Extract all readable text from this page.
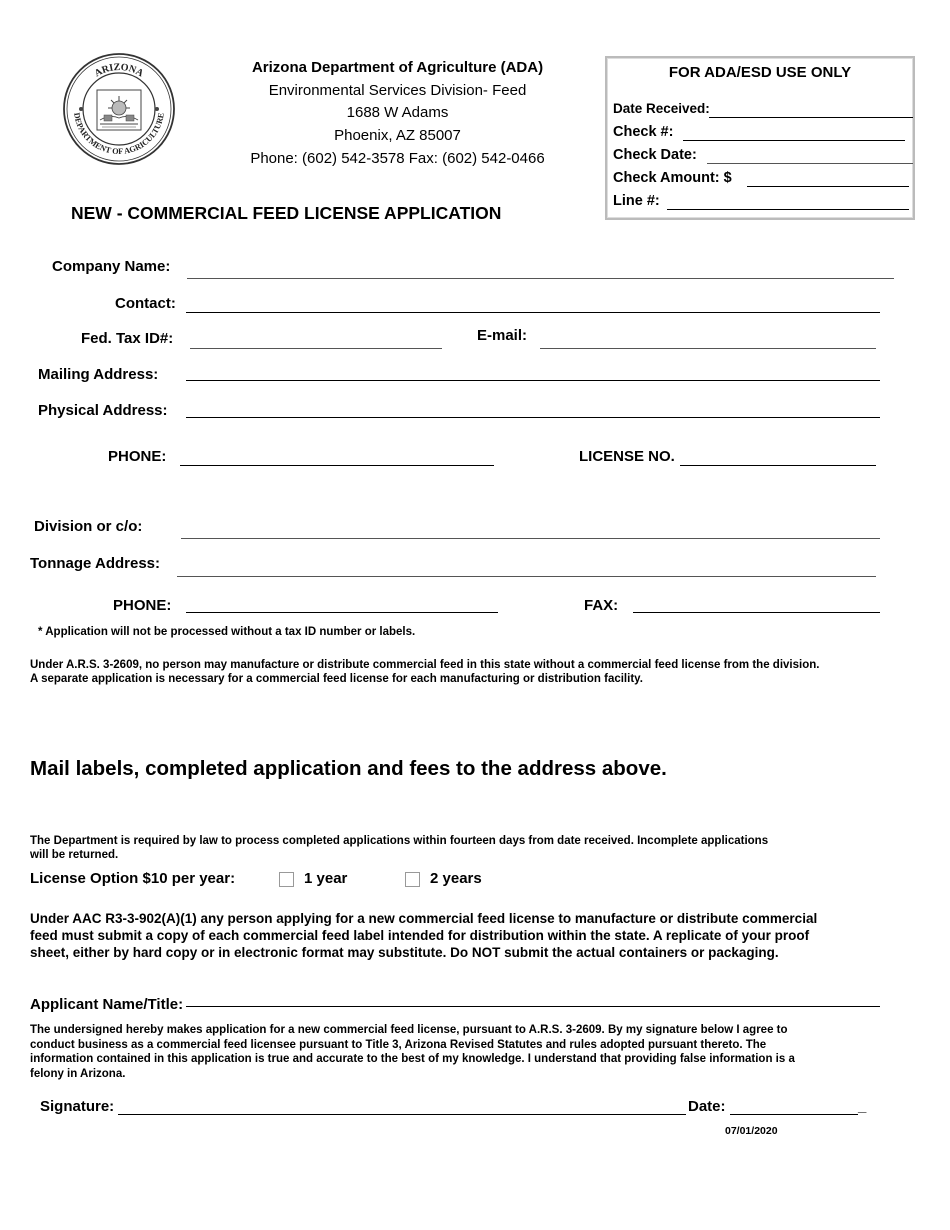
ARIZONA
DEPARTMENT OF AGRICULTURE
Arizona Department of Agriculture (ADA)
Environmental Services Division- Feed
1688 W Adams
Phoenix, AZ 85007
Phone: (602) 542-3578 Fax: (602) 542-0466
NEW - COMMERCIAL FEED LICENSE APPLICATION
FOR ADA/ESD USE ONLY
Date Received:
Check #:
Check Date:
Check Amount: $
Line #:
Company Name:
Contact:
Fed. Tax ID#:	E-mail:
Mailing Address:
Physical Address:
PHONE:	LICENSE NO.
Division or c/o:
Tonnage Address:
PHONE:	FAX:
* Application will not be processed without a tax ID number or labels.
Under A.R.S. 3-2609, no person may manufacture or distribute commercial feed in this state without a commercial feed license from the division.
A separate application is necessary for a commercial feed license for each manufacturing or distribution facility.
Mail labels, completed application and fees to the address above.
The Department is required by law to process completed applications within fourteen days from date received. Incomplete applications
will be returned.
License Option $10 per year:	1 year	2 years
Under AAC R3-3-902(A)(1) any person applying for a new commercial feed license to manufacture or distribute commercial
feed must submit a copy of each commercial feed label intended for distribution within the state. A replicate of your proof
sheet, either by hard copy or in electronic format may substitute. Do NOT submit the actual containers or packaging.
Applicant Name/Title:
The undersigned hereby makes application for a new commercial feed license, pursuant to A.R.S. 3-2609. By my signature below I agree to
conduct business as a commercial feed licensee pursuant to Title 3, Arizona Revised Statutes and rules adopted pursuant thereto. The
information contained in this application is true and accurate to the best of my knowledge. I understand that providing false information is a
felony in Arizona.
Signature:	Date:	_
07/01/2020
